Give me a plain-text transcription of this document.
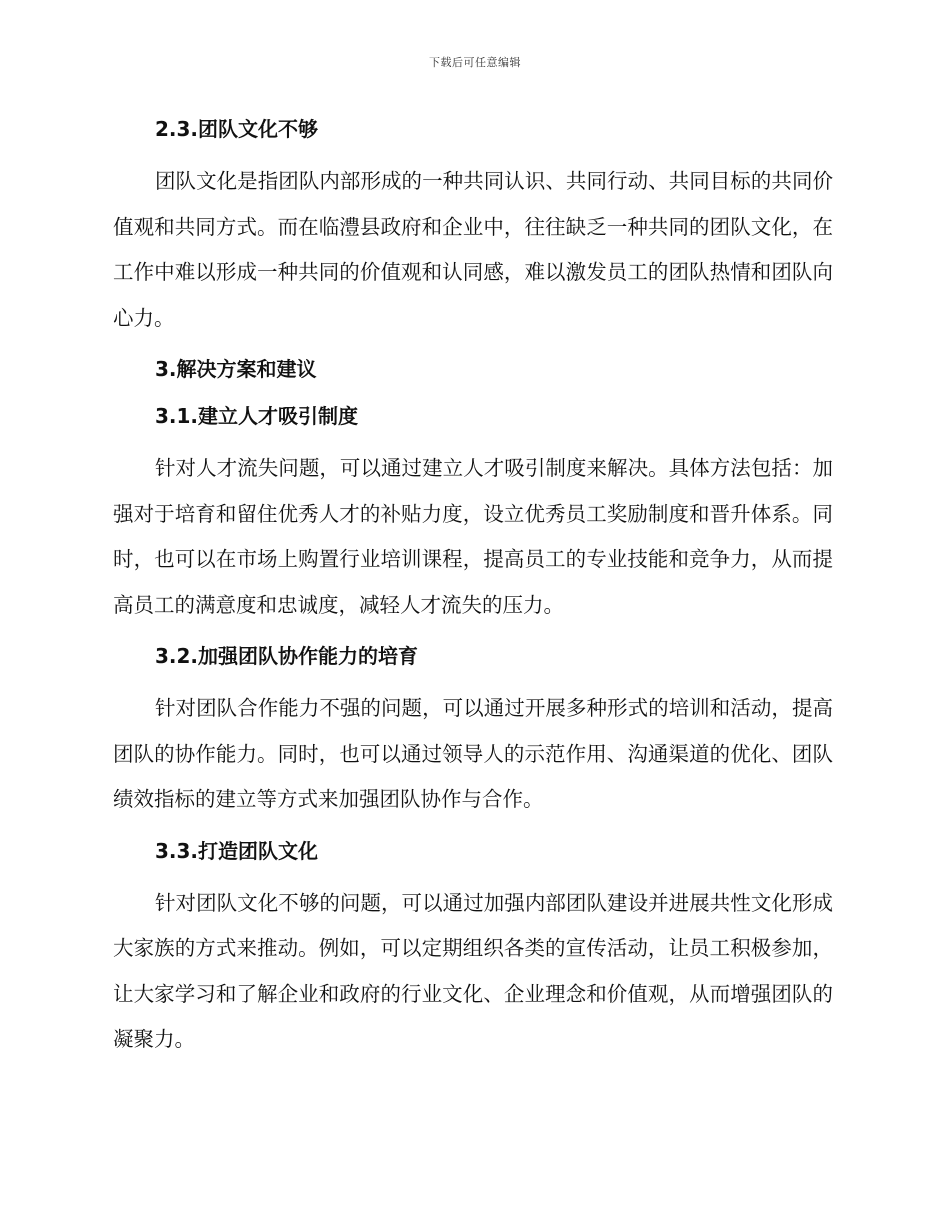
下载后可任意编辑
2.3.团队文化不够
团队文化是指团队内部形成的一种共同认识、共同行动、共同目标的共同价值观和共同方式。而在临澧县政府和企业中，往往缺乏一种共同的团队文化，在工作中难以形成一种共同的价值观和认同感，难以激发员工的团队热情和团队向心力。
3.解决方案和建议
3.1.建立人才吸引制度
针对人才流失问题，可以通过建立人才吸引制度来解决。具体方法包括：加强对于培育和留住优秀人才的补贴力度，设立优秀员工奖励制度和晋升体系。同时，也可以在市场上购置行业培训课程，提高员工的专业技能和竞争力，从而提高员工的满意度和忠诚度，减轻人才流失的压力。
3.2.加强团队协作能力的培育
针对团队合作能力不强的问题，可以通过开展多种形式的培训和活动，提高团队的协作能力。同时，也可以通过领导人的示范作用、沟通渠道的优化、团队绩效指标的建立等方式来加强团队协作与合作。
3.3.打造团队文化
针对团队文化不够的问题，可以通过加强内部团队建设并进展共性文化形成大家族的方式来推动。例如，可以定期组织各类的宣传活动，让员工积极参加，让大家学习和了解企业和政府的行业文化、企业理念和价值观，从而增强团队的凝聚力。
